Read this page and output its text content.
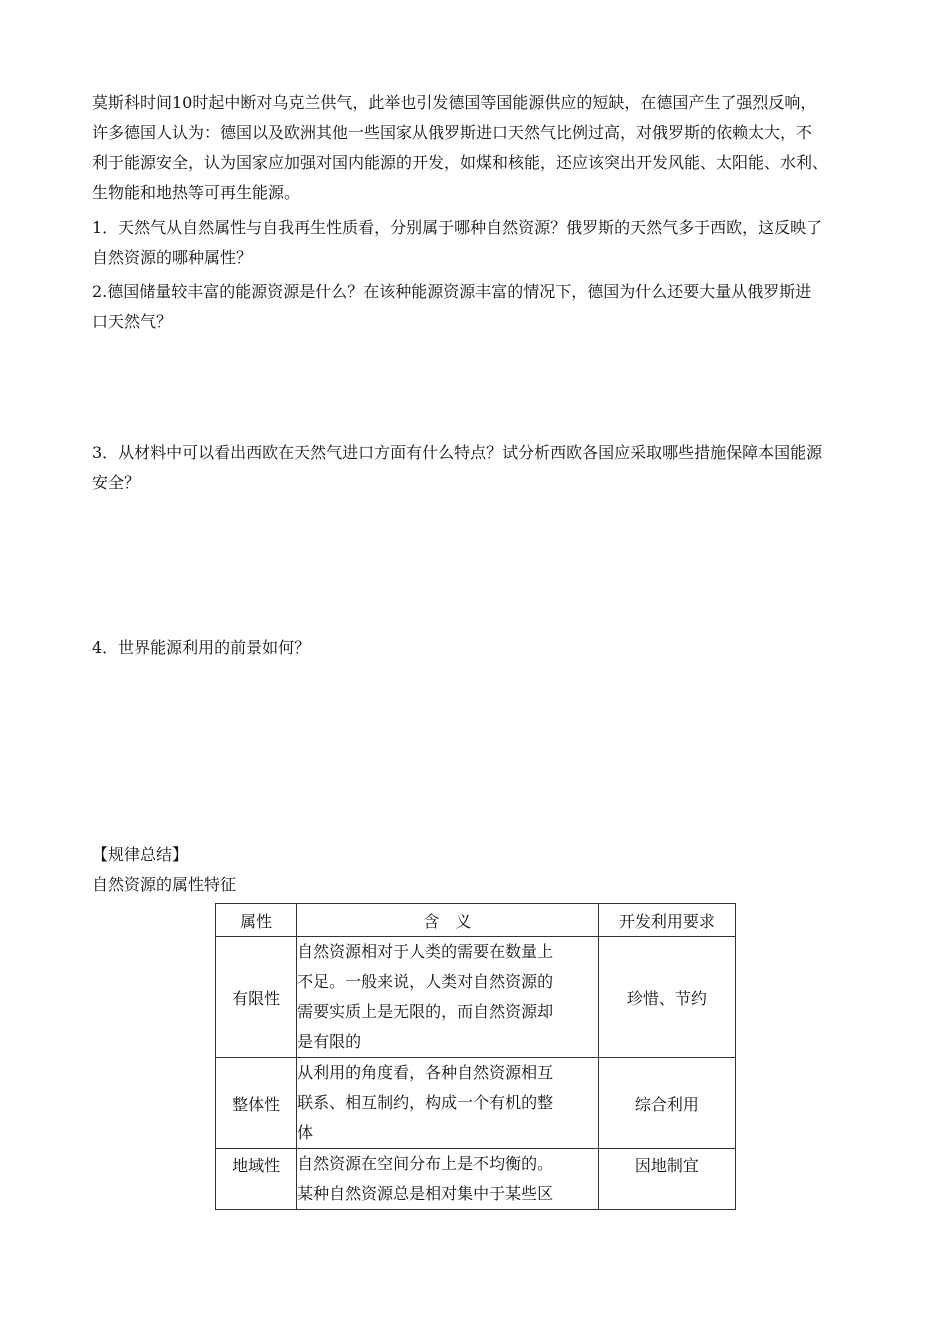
莫斯科时间10时起中断对乌克兰供气，此举也引发德国等国能源供应的短缺，在德国产生了强烈反响，
许多德国人认为：德国以及欧洲其他一些国家从俄罗斯进口天然气比例过高，对俄罗斯的依赖太大，不
利于能源安全，认为国家应加强对国内能源的开发，如煤和核能，还应该突出开发风能、太阳能、水利、
生物能和地热等可再生能源。

1．天然气从自然属性与自我再生性质看，分别属于哪种自然资源？俄罗斯的天然气多于西欧，这反映了
自然资源的哪种属性？

2.德国储量较丰富的能源资源是什么？在该种能源资源丰富的情况下，德国为什么还要大量从俄罗斯进
口天然气？

3．从材料中可以看出西欧在天然气进口方面有什么特点？试分析西欧各国应采取哪些措施保障本国能源
安全？

4．世界能源利用的前景如何？

【规律总结】
自然资源的属性特征
属性	含　义	开发利用要求
有限性	自然资源相对于人类的需要在数量上
不足。一般来说，人类对自然资源的
需要实质上是无限的，而自然资源却
是有限的	珍惜、节约
整体性	从利用的角度看，各种自然资源相互
联系、相互制约，构成一个有机的整
体	综合利用
地域性	自然资源在空间分布上是不均衡的。
某种自然资源总是相对集中于某些区	因地制宜
